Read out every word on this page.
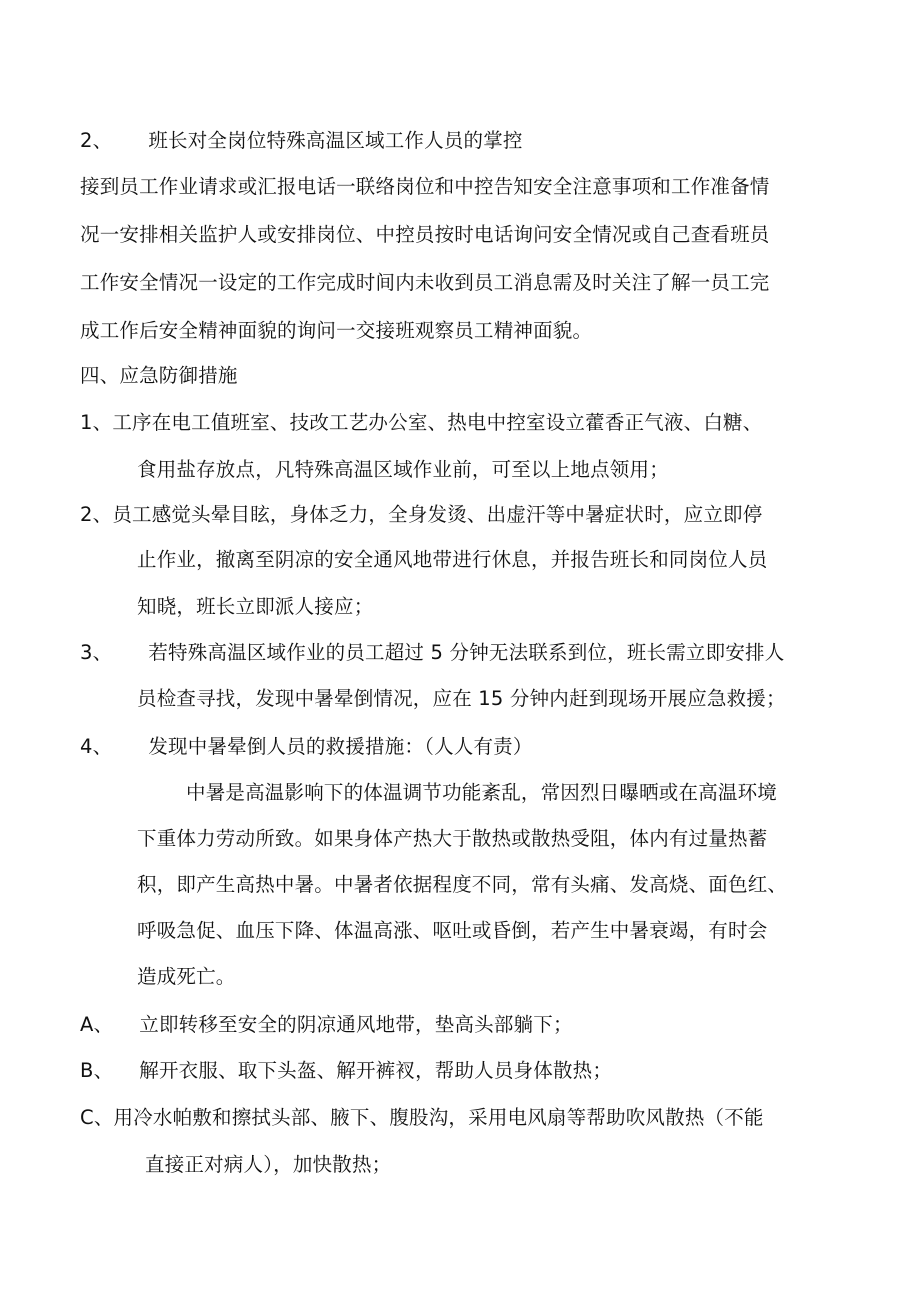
2、 班长对全岗位特殊高温区域工作人员的掌控
接到员工作业请求或汇报电话一联络岗位和中控告知安全注意事项和工作准备情
况一安排相关监护人或安排岗位、中控员按时电话询问安全情况或自己查看班员
工作安全情况一设定的工作完成时间内未收到员工消息需及时关注了解一员工完
成工作后安全精神面貌的询问一交接班观察员工精神面貌。
四、应急防御措施
1、工序在电工值班室、技改工艺办公室、热电中控室设立藿香正气液、白糖、
食用盐存放点，凡特殊高温区域作业前，可至以上地点领用；
2、员工感觉头晕目眩，身体乏力，全身发烫、出虚汗等中暑症状时，应立即停
止作业，撤离至阴凉的安全通风地带进行休息，并报告班长和同岗位人员
知晓，班长立即派人接应；
3、 若特殊高温区域作业的员工超过 5 分钟无法联系到位，班长需立即安排人
员检查寻找，发现中暑晕倒情况，应在 15 分钟内赶到现场开展应急救援；
4、 发现中暑晕倒人员的救援措施：（人人有责）
中暑是高温影响下的体温调节功能紊乱，常因烈日曝晒或在高温环境
下重体力劳动所致。如果身体产热大于散热或散热受阻，体内有过量热蓄
积，即产生高热中暑。中暑者依据程度不同，常有头痛、发高烧、面色红、
呼吸急促、血压下降、体温高涨、呕吐或昏倒，若产生中暑衰竭，有时会
造成死亡。
A、 立即转移至安全的阴凉通风地带，垫高头部躺下；
B、 解开衣服、取下头盔、解开裤衩，帮助人员身体散热；
C、用冷水帕敷和擦拭头部、腋下、腹股沟，采用电风扇等帮助吹风散热（不能
直接正对病人），加快散热；
